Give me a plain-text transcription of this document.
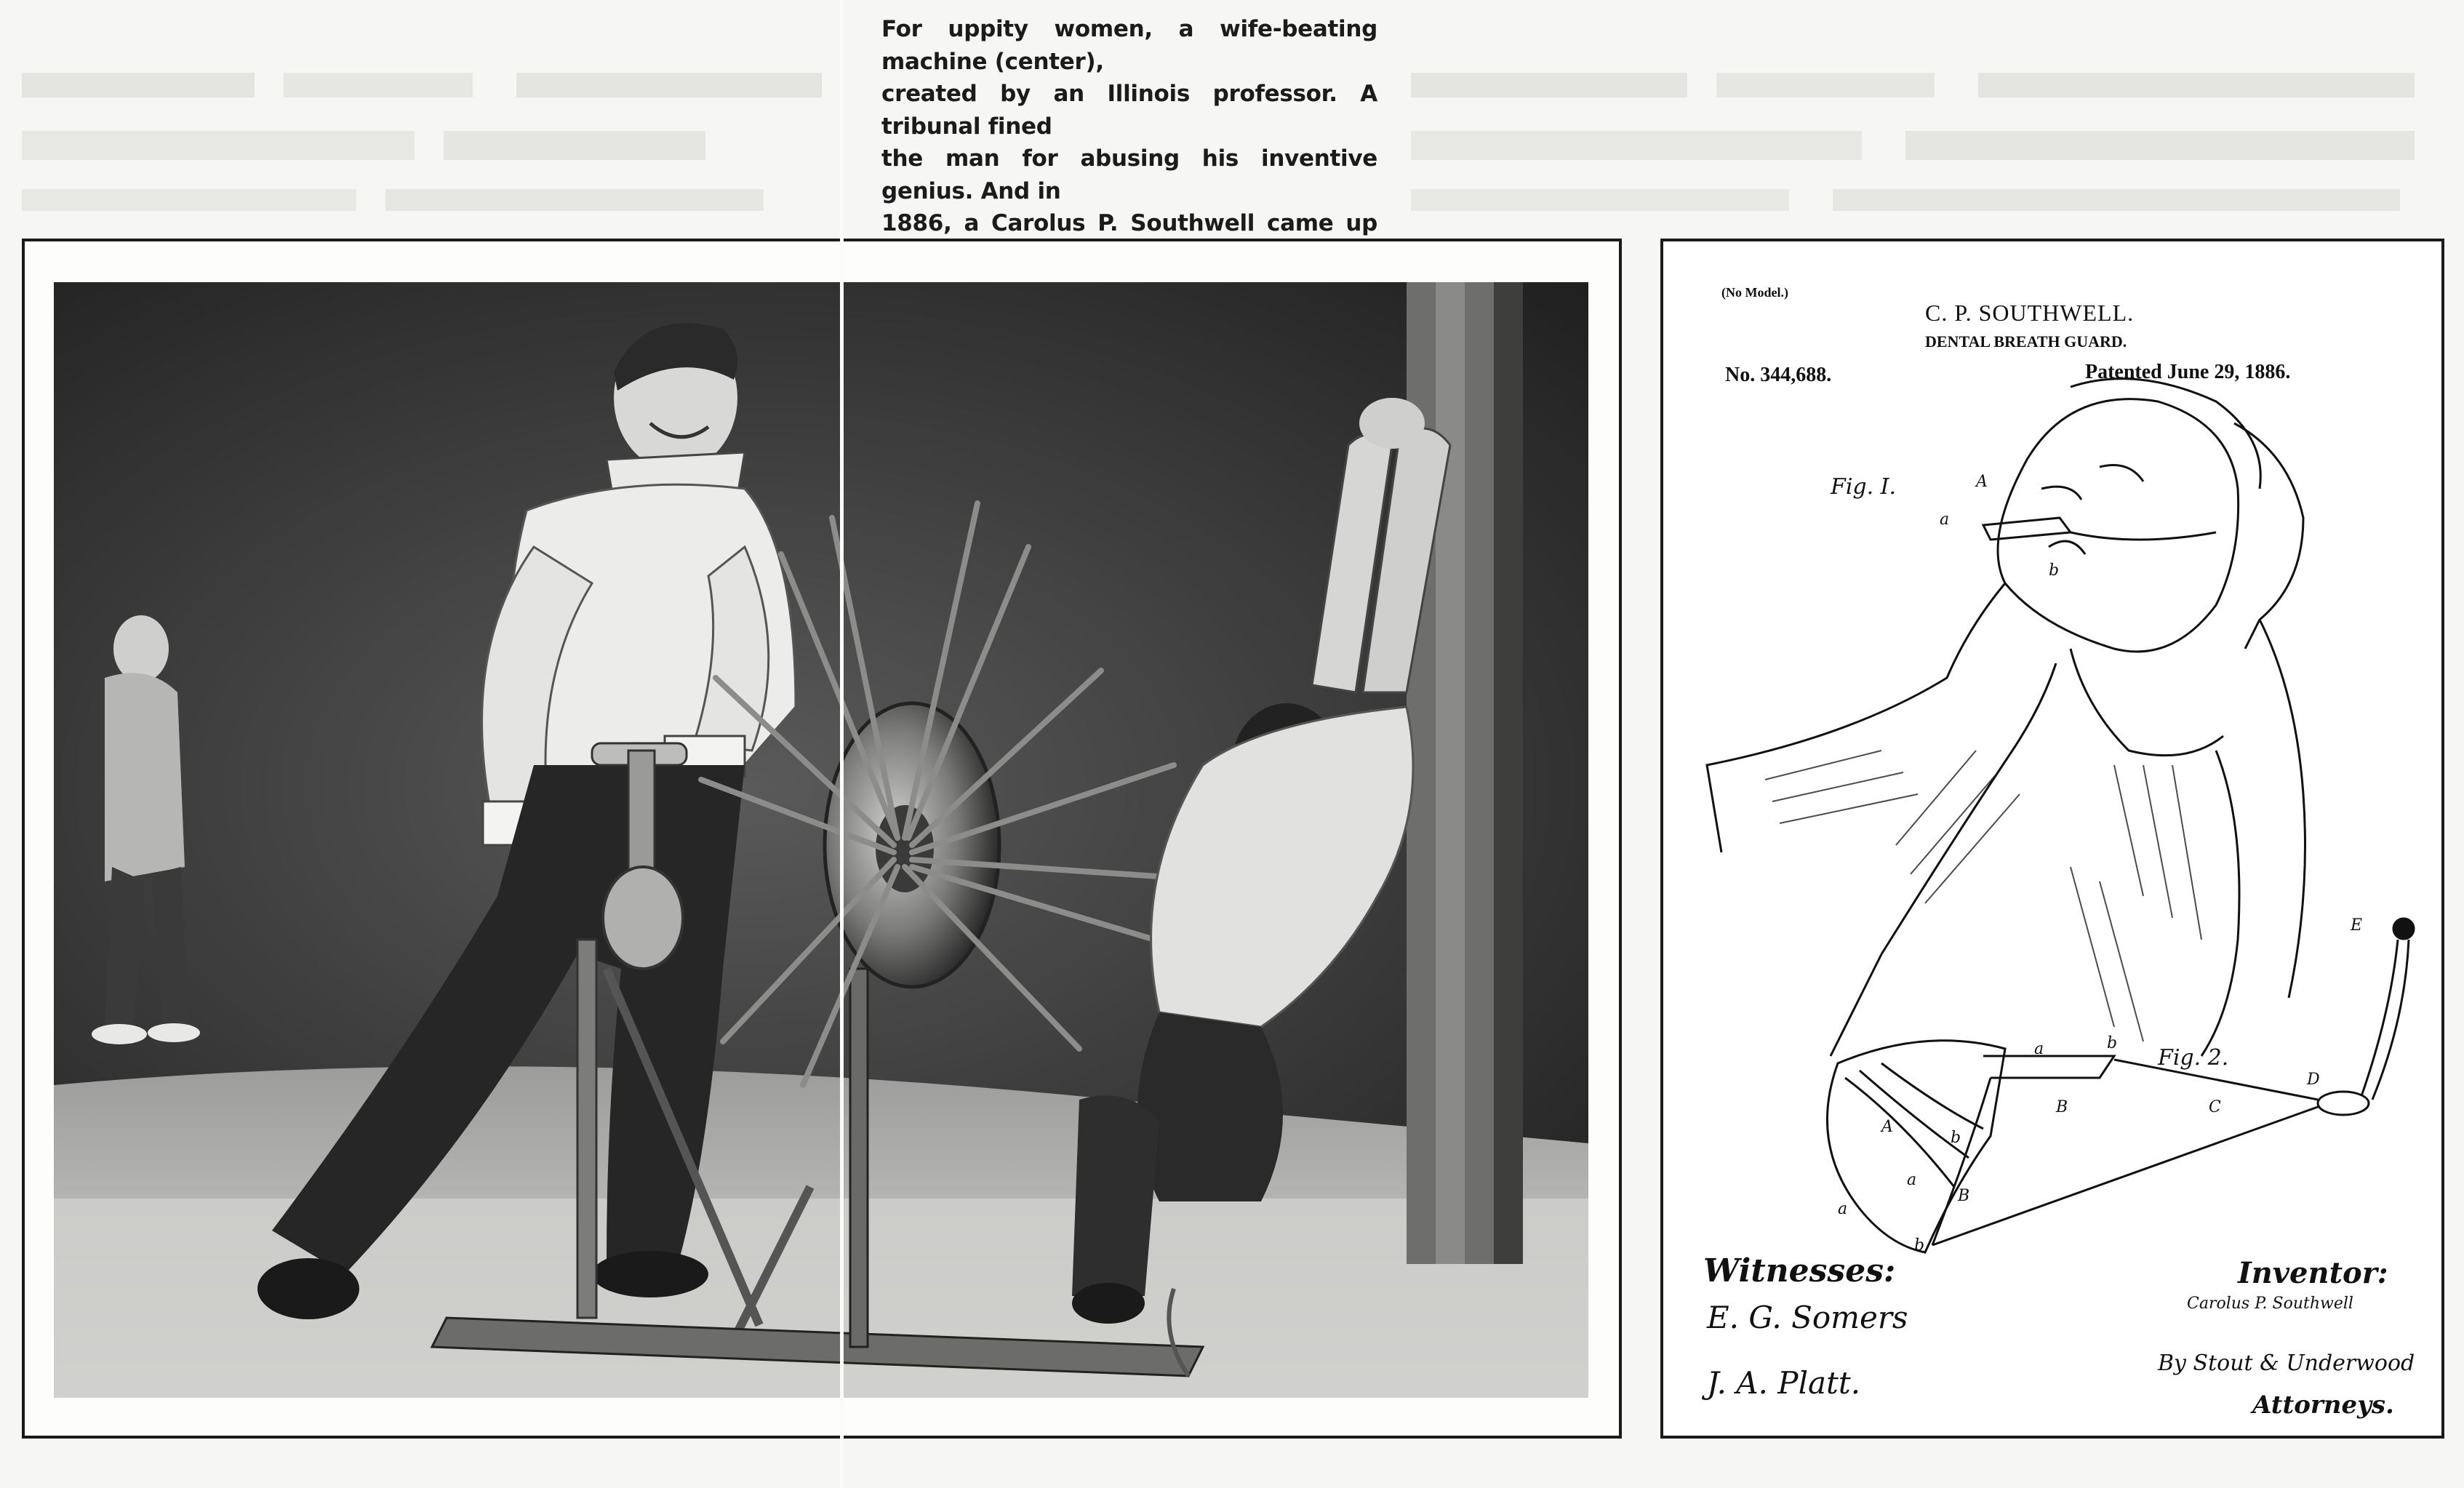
For uppity women, a wife-beating machine (center),
created by an Illinois professor. A tribunal fined
the man for abusing his inventive genius. And in
1886, a Carolus P. Southwell came up
(No Model.)
C. P. SOUTHWELL.
DENTAL BREATH GUARD.
No. 344,688.	Patented June 29, 1886.
Fig. I.
Fig. 2.
A
a
b
a	b
A
B	C
D
E
a
b
a
B
b
Witnesses:
E. G. Somers
J. A. Platt.
Inventor:
Carolus P. Southwell
By Stout & Underwood
Attorneys.
